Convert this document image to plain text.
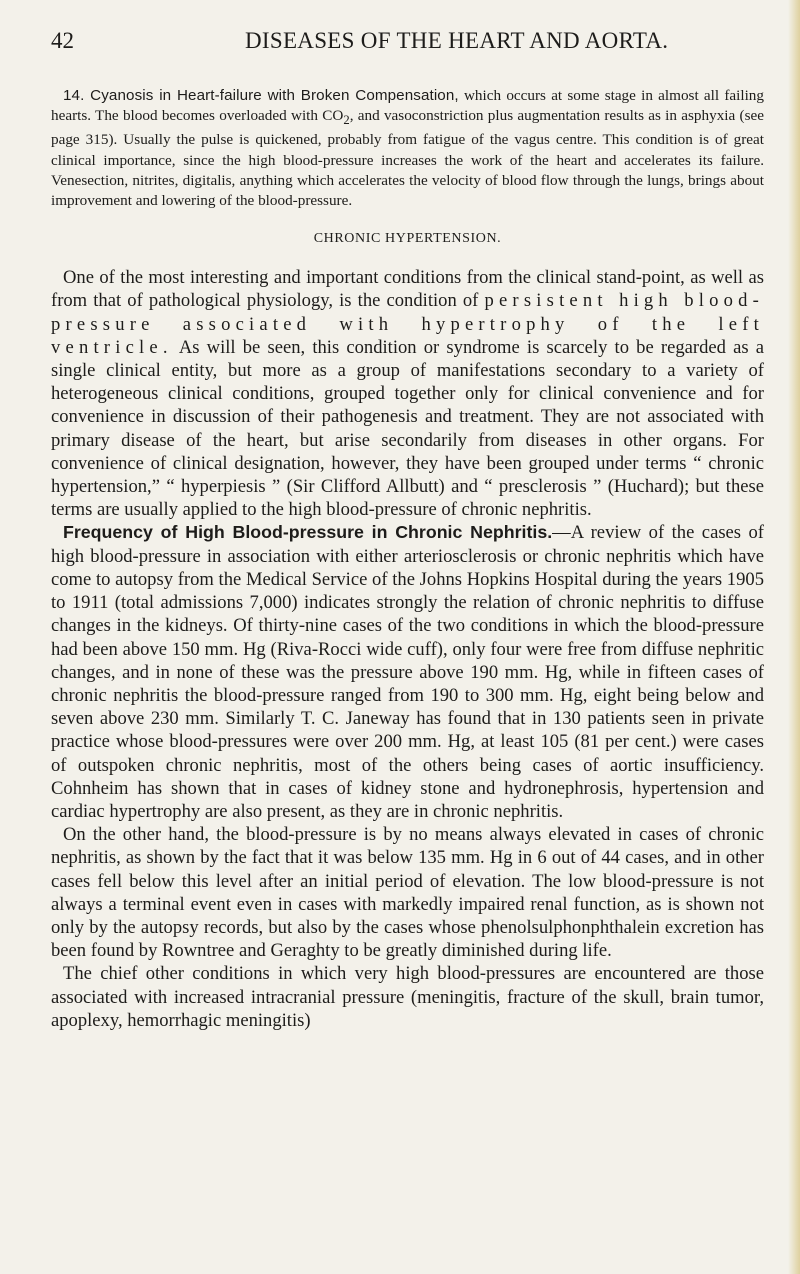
42	DISEASES OF THE HEART AND AORTA.

14. Cyanosis in Heart-failure with Broken Compensation, which occurs at some stage in almost all failing hearts. The blood becomes overloaded with $CO_2$, and vasoconstriction plus augmentation results as in asphyxia (see page 315). Usually the pulse is quickened, probably from fatigue of the vagus centre. This condition is of great clinical importance, since the high blood-pressure increases the work of the heart and accelerates its failure. Venesection, nitrites, digitalis, anything which accelerates the velocity of blood flow through the lungs, brings about improvement and lowering of the blood-pressure.

CHRONIC HYPERTENSION.

One of the most interesting and important conditions from the clinical stand-point, as well as from that of pathological physiology, is the condition of persistent high blood-pressure associated with hypertrophy of the left ventricle. As will be seen, this condition or syndrome is scarcely to be regarded as a single clinical entity, but more as a group of manifestations secondary to a variety of heterogeneous clinical conditions, grouped together only for clinical convenience and for convenience in discussion of their pathogenesis and treatment. They are not associated with primary disease of the heart, but arise secondarily from diseases in other organs. For convenience of clinical designation, however, they have been grouped under terms “ chronic hypertension,” “ hyperpiesis ” (Sir Clifford Allbutt) and “ presclerosis ” (Huchard); but these terms are usually applied to the high blood-pressure of chronic nephritis.

Frequency of High Blood-pressure in Chronic Nephritis.—A review of the cases of high blood-pressure in association with either arteriosclerosis or chronic nephritis which have come to autopsy from the Medical Service of the Johns Hopkins Hospital during the years 1905 to 1911 (total admissions 7,000) indicates strongly the relation of chronic nephritis to diffuse changes in the kidneys. Of thirty-nine cases of the two conditions in which the blood-pressure had been above 150 mm. Hg (Riva-Rocci wide cuff), only four were free from diffuse nephritic changes, and in none of these was the pressure above 190 mm. Hg, while in fifteen cases of chronic nephritis the blood-pressure ranged from 190 to 300 mm. Hg, eight being below and seven above 230 mm. Similarly T. C. Janeway has found that in 130 patients seen in private practice whose blood-pressures were over 200 mm. Hg, at least 105 (81 per cent.) were cases of outspoken chronic nephritis, most of the others being cases of aortic insufficiency. Cohnheim has shown that in cases of kidney stone and hydronephrosis, hypertension and cardiac hypertrophy are also present, as they are in chronic nephritis.

On the other hand, the blood-pressure is by no means always elevated in cases of chronic nephritis, as shown by the fact that it was below 135 mm. Hg in 6 out of 44 cases, and in other cases fell below this level after an initial period of elevation. The low blood-pressure is not always a terminal event even in cases with markedly impaired renal function, as is shown not only by the autopsy records, but also by the cases whose phenolsulphonphthalein excretion has been found by Rowntree and Geraghty to be greatly diminished during life.

The chief other conditions in which very high blood-pressures are encountered are those associated with increased intracranial pressure (meningitis, fracture of the skull, brain tumor, apoplexy, hemorrhagic meningitis)
